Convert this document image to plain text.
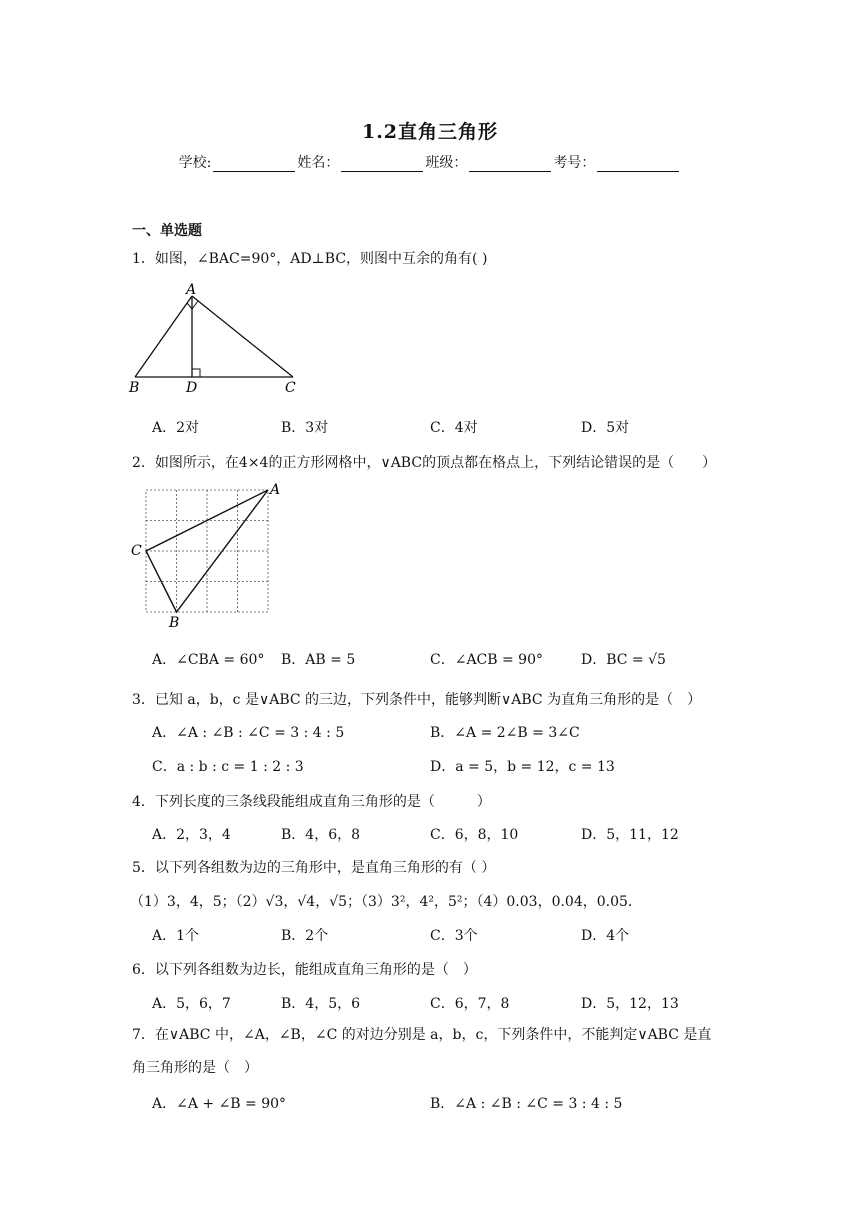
1.2直角三角形
学校:	姓名：	班级：	考号：
一、单选题
1．如图，∠BAC=90°，AD⊥BC，则图中互余的角有( )
A
B	D	C
A．2对	B．3对	C．4对	D．5对
2．如图所示，在4×4的正方形网格中，∨ABC的顶点都在格点上，下列结论错误的是（　　）
A
C
B
A．∠CBA = 60° B．AB = 5	C．∠ACB = 90°	D．BC = √5
3．已知 a，b，c 是∨ABC 的三边，下列条件中，能够判断∨ABC 为直角三角形的是（　）
A．∠A : ∠B : ∠C = 3 : 4 : 5	B．∠A = 2∠B = 3∠C
C．a : b : c = 1 : 2 : 3	D．a = 5，b = 12，c = 13
4．下列长度的三条线段能组成直角三角形的是（　　　）
A．2，3，4	B．4，6，8	C．6，8，10	D．5，11，12
5．以下列各组数为边的三角形中，是直角三角形的有（ ）
（1）3，4，5；（2）√3，√4，√5；（3）3²，4²，5²；（4）0.03，0.04，0.05．
A．1个	B．2个	C．3个	D．4个
6．以下列各组数为边长，能组成直角三角形的是（　）
A．5，6，7	B．4，5，6	C．6，7，8	D．5，12，13
7．在∨ABC 中，∠A，∠B，∠C 的对边分别是 a，b，c，下列条件中，不能判定∨ABC 是直
角三角形的是（　）
A．∠A + ∠B = 90°	B．∠A : ∠B : ∠C = 3 : 4 : 5
